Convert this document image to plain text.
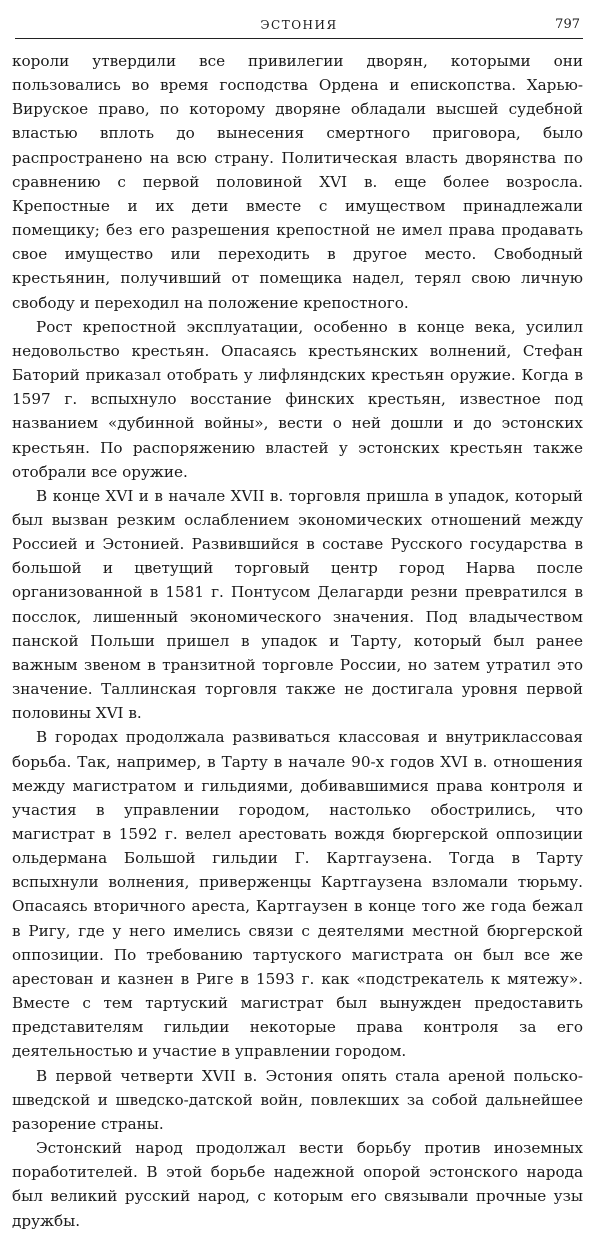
ЭСТОНИЯ	797

короли утвердили все привилегии дворян, которыми они пользовались во время господства Ордена и епископства. Харью-Вируское право, по которому дворяне обладали высшей судебной властью вплоть до вынесения смертного приговора, было распространено на всю страну. Политическая власть дворянства по сравнению с первой половиной XVI в. еще более возросла. Крепостные и их дети вместе с имуществом принадлежали помещику; без его разрешения крепостной не имел права продавать свое имущество или переходить в другое место. Свободный крестьянин, получивший от помещика надел, терял свою личную свободу и переходил на положение крепостного.

Рост крепостной эксплуатации, особенно в конце века, усилил недовольство крестьян. Опасаясь крестьянских волнений, Стефан Баторий приказал отобрать у лифляндских крестьян оружие. Когда в 1597 г. вспыхнуло восстание финских крестьян, известное под названием «дубинной войны», вести о ней дошли и до эстонских крестьян. По распоряжению властей у эстонских крестьян также отобрали все оружие.

В конце XVI и в начале XVII в. торговля пришла в упадок, который был вызван резким ослаблением экономических отношений между Россией и Эстонией. Развившийся в составе Русского государства в большой и цветущий торговый центр город Нарва после организованной в 1581 г. Понтусом Делагарди резни превратился в посслок, лишенный экономического значения. Под владычеством панской Польши пришел в упадок и Тарту, который был ранее важным звеном в транзитной торговле России, но затем утратил это значение. Таллинская торговля также не достигала уровня первой половины XVI в.

В городах продолжала развиваться классовая и внутриклассовая борьба. Так, например, в Тарту в начале 90-х годов XVI в. отношения между магистратом и гильдиями, добивавшимися права контроля и участия в управлении городом, настолько обострились, что магистрат в 1592 г. велел арестовать вождя бюргерской оппозиции ольдермана Большой гильдии Г. Картгаузена. Тогда в Тарту вспыхнули волнения, приверженцы Картгаузена взломали тюрьму. Опасаясь вторичного ареста, Картгаузен в конце того же года бежал в Ригу, где у него имелись связи с деятелями местной бюргерской оппозиции. По требованию тартуского магистрата он был все же арестован и казнен в Риге в 1593 г. как «подстрекатель к мятежу». Вместе с тем тартуский магистрат был вынужден предоставить представителям гильдии некоторые права контроля за его деятельностью и участие в управлении городом.

В первой четверти XVII в. Эстония опять стала ареной польско-шведской и шведско-датской войн, повлекших за собой дальнейшее разорение страны.

Эстонский народ продолжал вести борьбу против иноземных поработителей. В этой борьбе надежной опорой эстонского народа был великий русский народ, с которым его связывали прочные узы дружбы.
